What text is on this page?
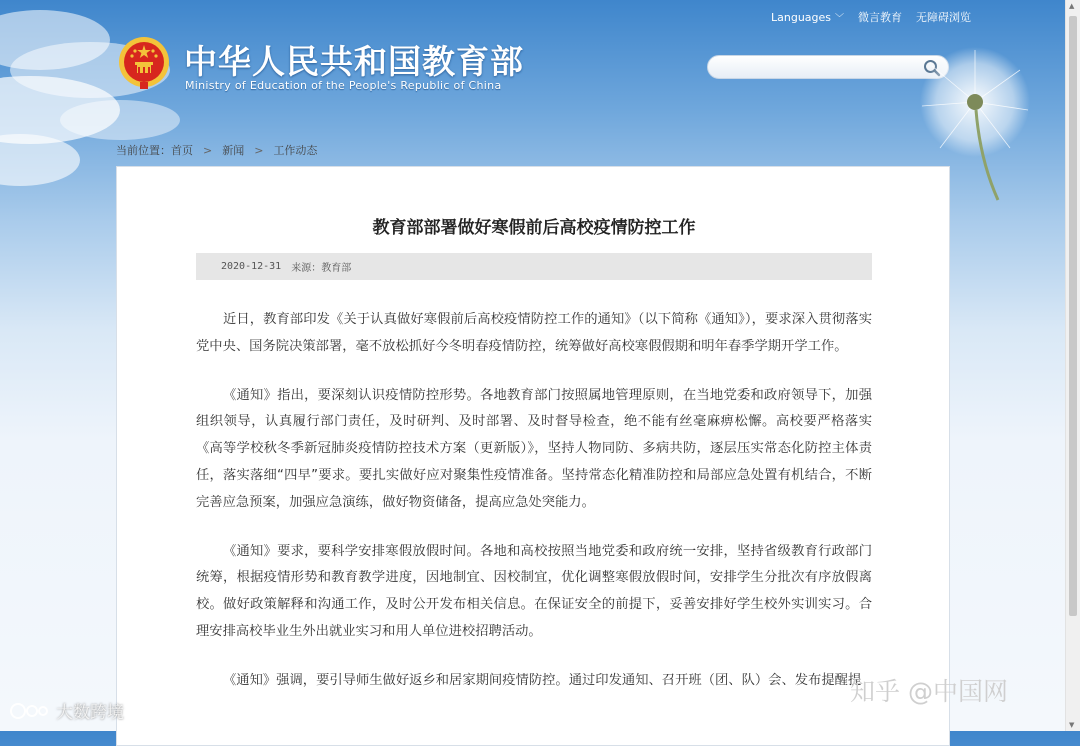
Languages ﹀ 微言教育 无障碍浏览
中华人民共和国教育部
Ministry of Education of the People's Republic of China
当前位置： 首页 > 新闻 > 工作动态
教育部部署做好寒假前后高校疫情防控工作
2020-12-31 来源：教育部

近日，教育部印发《关于认真做好寒假前后高校疫情防控工作的通知》（以下简称《通知》），要求深入贯彻落实党中央、国务院决策部署，毫不放松抓好今冬明春疫情防控，统筹做好高校寒假假期和明年春季学期开学工作。

《通知》指出，要深刻认识疫情防控形势。各地教育部门按照属地管理原则，在当地党委和政府领导下，加强组织领导，认真履行部门责任，及时研判、及时部署、及时督导检查，绝不能有丝毫麻痹松懈。高校要严格落实《高等学校秋冬季新冠肺炎疫情防控技术方案（更新版）》，坚持人物同防、多病共防，逐层压实常态化防控主体责任，落实落细“四早”要求。要扎实做好应对聚集性疫情准备。坚持常态化精准防控和局部应急处置有机结合，不断完善应急预案，加强应急演练，做好物资储备，提高应急处突能力。

《通知》要求，要科学安排寒假放假时间。各地和高校按照当地党委和政府统一安排，坚持省级教育行政部门统筹，根据疫情形势和教育教学进度，因地制宜、因校制宜，优化调整寒假放假时间，安排学生分批次有序放假离校。做好政策解释和沟通工作，及时公开发布相关信息。在保证安全的前提下，妥善安排好学生校外实训实习。合理安排高校毕业生外出就业实习和用人单位进校招聘活动。

《通知》强调，要引导师生做好返乡和居家期间疫情防控。通过印发通知、召开班（团、队）会、发布提醒提

▲
▼
知乎 @中国网
大数跨境
